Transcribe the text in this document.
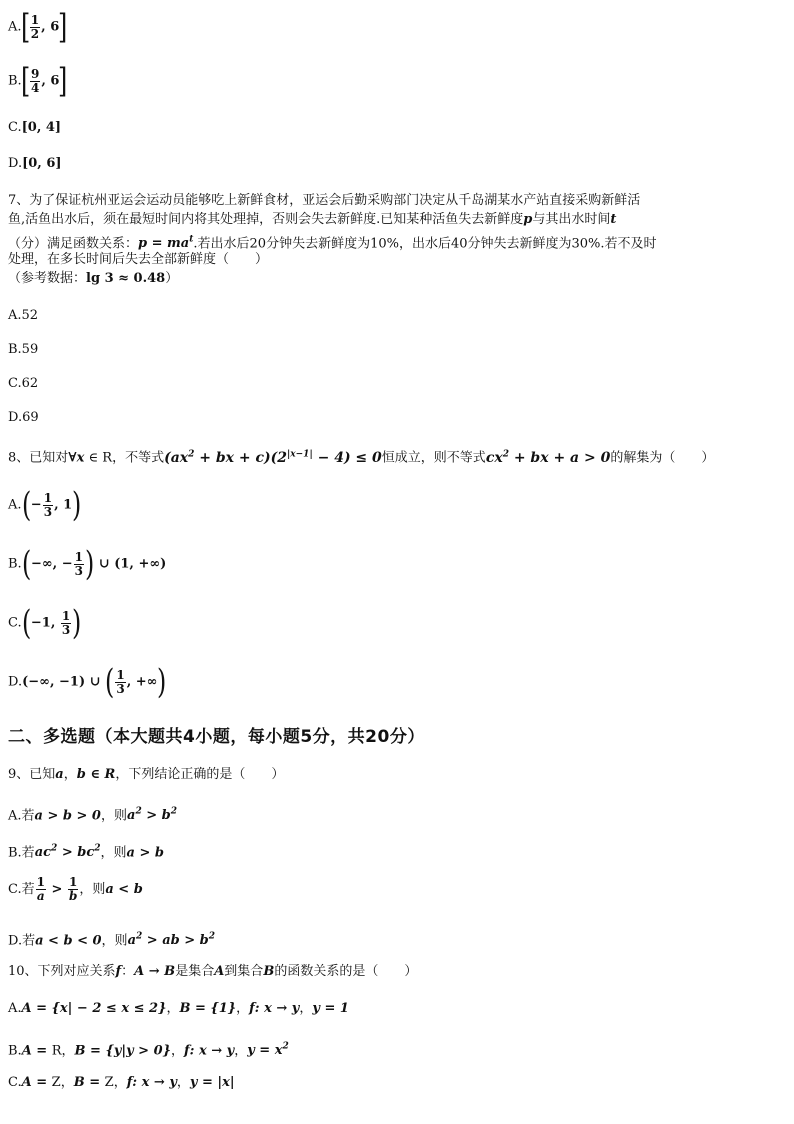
$A.[ \frac{1}{2}$ , 6]
$B.[ \frac{9}{4}$ , 6]
C.[0, 4]
D.[0, 6]
7、为了保证杭州亚运会运动员能够吃上新鲜食材，亚运会后勤采购部门决定从千岛湖某水产站直接采购新鲜活
鱼,活鱼出水后，须在最短时间内将其处理掉，否则会失去新鲜度.已知某种活鱼失去新鲜度p与其出水时间t
（分）满足函数关系：$p = ma^t$.若出水后20分钟失去新鲜度为10%，出水后40分钟失去新鲜度为30%.若不及时
处理，在多长时间后失去全部新鲜度（　　）
（参考数据：lg 3 ≈ 0.48）
A.52
B.59
C.62
D.69
8、已知对∀x ∈ R，不等式($ax^2$ + bx + $c)(2^{|x-1|} - 4) \le 0$恒成立，则不等式$cx^2$ + bx + a > 0的解集为（　　）
$A.(- \frac{1}{3}$ , 1)
B.(−∞, − $\frac{1}{3}$ ) ∪ (1, +∞)
C.(−1, $\frac{1}{3}$ )
D.(−∞, −1) ∪ ( $\frac{1}{3}$ , +∞)
二、多选题（本大题共4小题，每小题5分，共20分）
9、已知a，b ∈ R，下列结论正确的是（　　）
A.若a > b > 0，则$a^2 > b^2$
B.若$ac^2 > bc^2$，则a > b
C.若 $\frac{1}{a} > \frac{1}{b}$ ，则a < b
D.若a < b < 0，则$a^2$ > ab > $b^2$
10、下列对应关系f：A → B是集合A到集合B的函数关系的是（　　）
A.A = {x| − 2 ≤ x ≤ 2}，B = {1}，f: x → y，y = 1
B.A = R，B = {y|y > 0}，f: x → y，$y = x^2$
C.A = Z，B = Z，f: x → y，y = |x|
